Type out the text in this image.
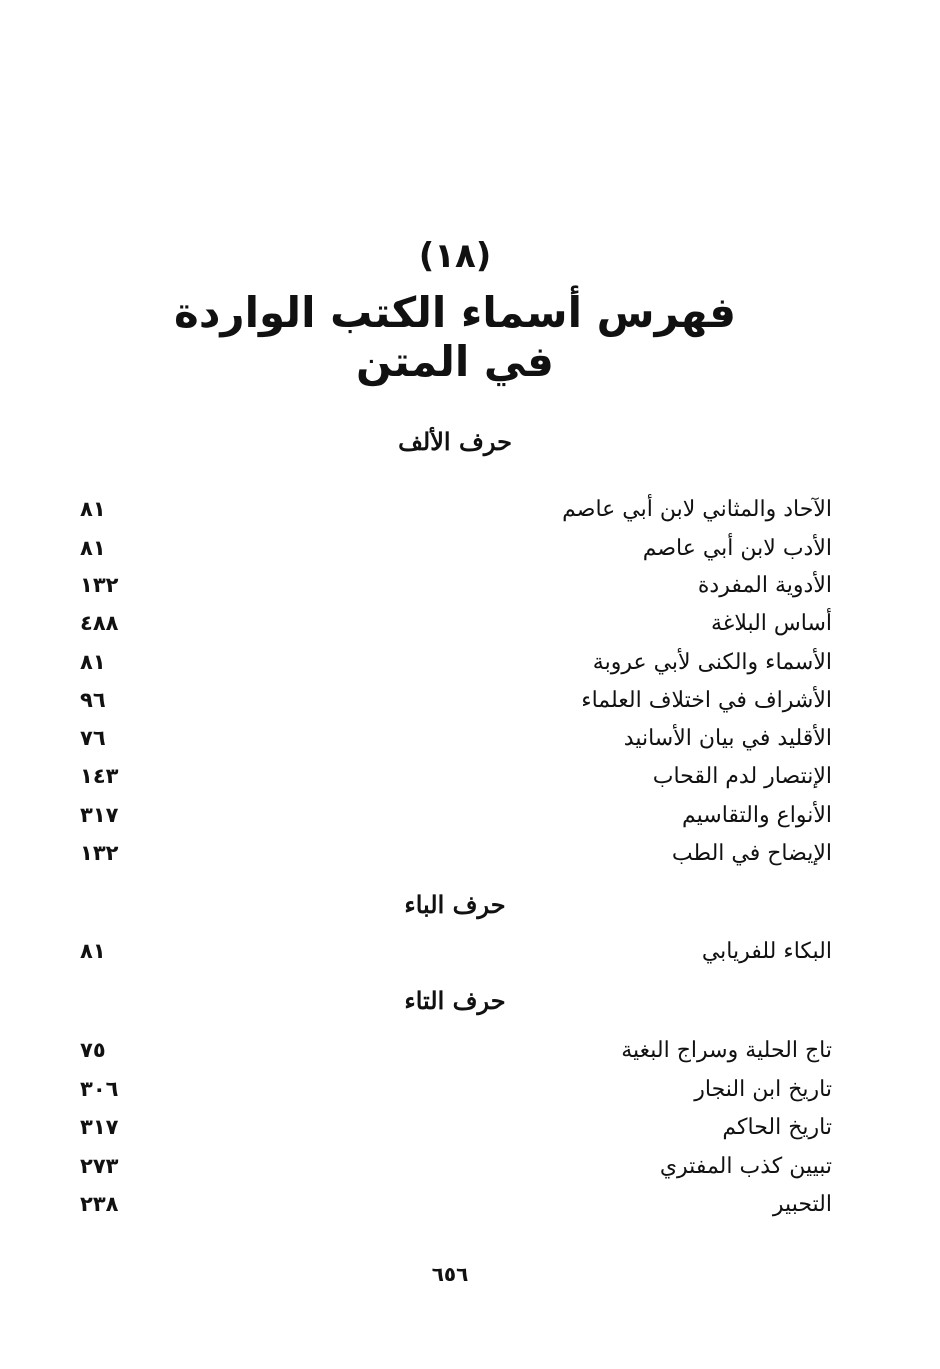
(١٨)
فهرس أسماء الكتب الواردة في المتن
حرف الألف
٨١	الآحاد والمثاني لابن أبي عاصم
٨١	الأدب لابن أبي عاصم
١٣٢	الأدوية المفردة
٤٨٨	أساس البلاغة
٨١	الأسماء والكنى لأبي عروبة
٩٦	الأشراف في اختلاف العلماء
٧٦	الأقليد في بيان الأسانيد
١٤٣	الإنتصار لدم القحاب
٣١٧	الأنواع والتقاسيم
١٣٢	الإيضاح في الطب
حرف الباء
٨١	البكاء للفريابي
حرف التاء
٧٥	تاج الحلية وسراج البغية
٣٠٦	تاريخ ابن النجار
٣١٧	تاريخ الحاكم
٢٧٣	تبيين كذب المفتري
٢٣٨	التحبير
٦٥٦
